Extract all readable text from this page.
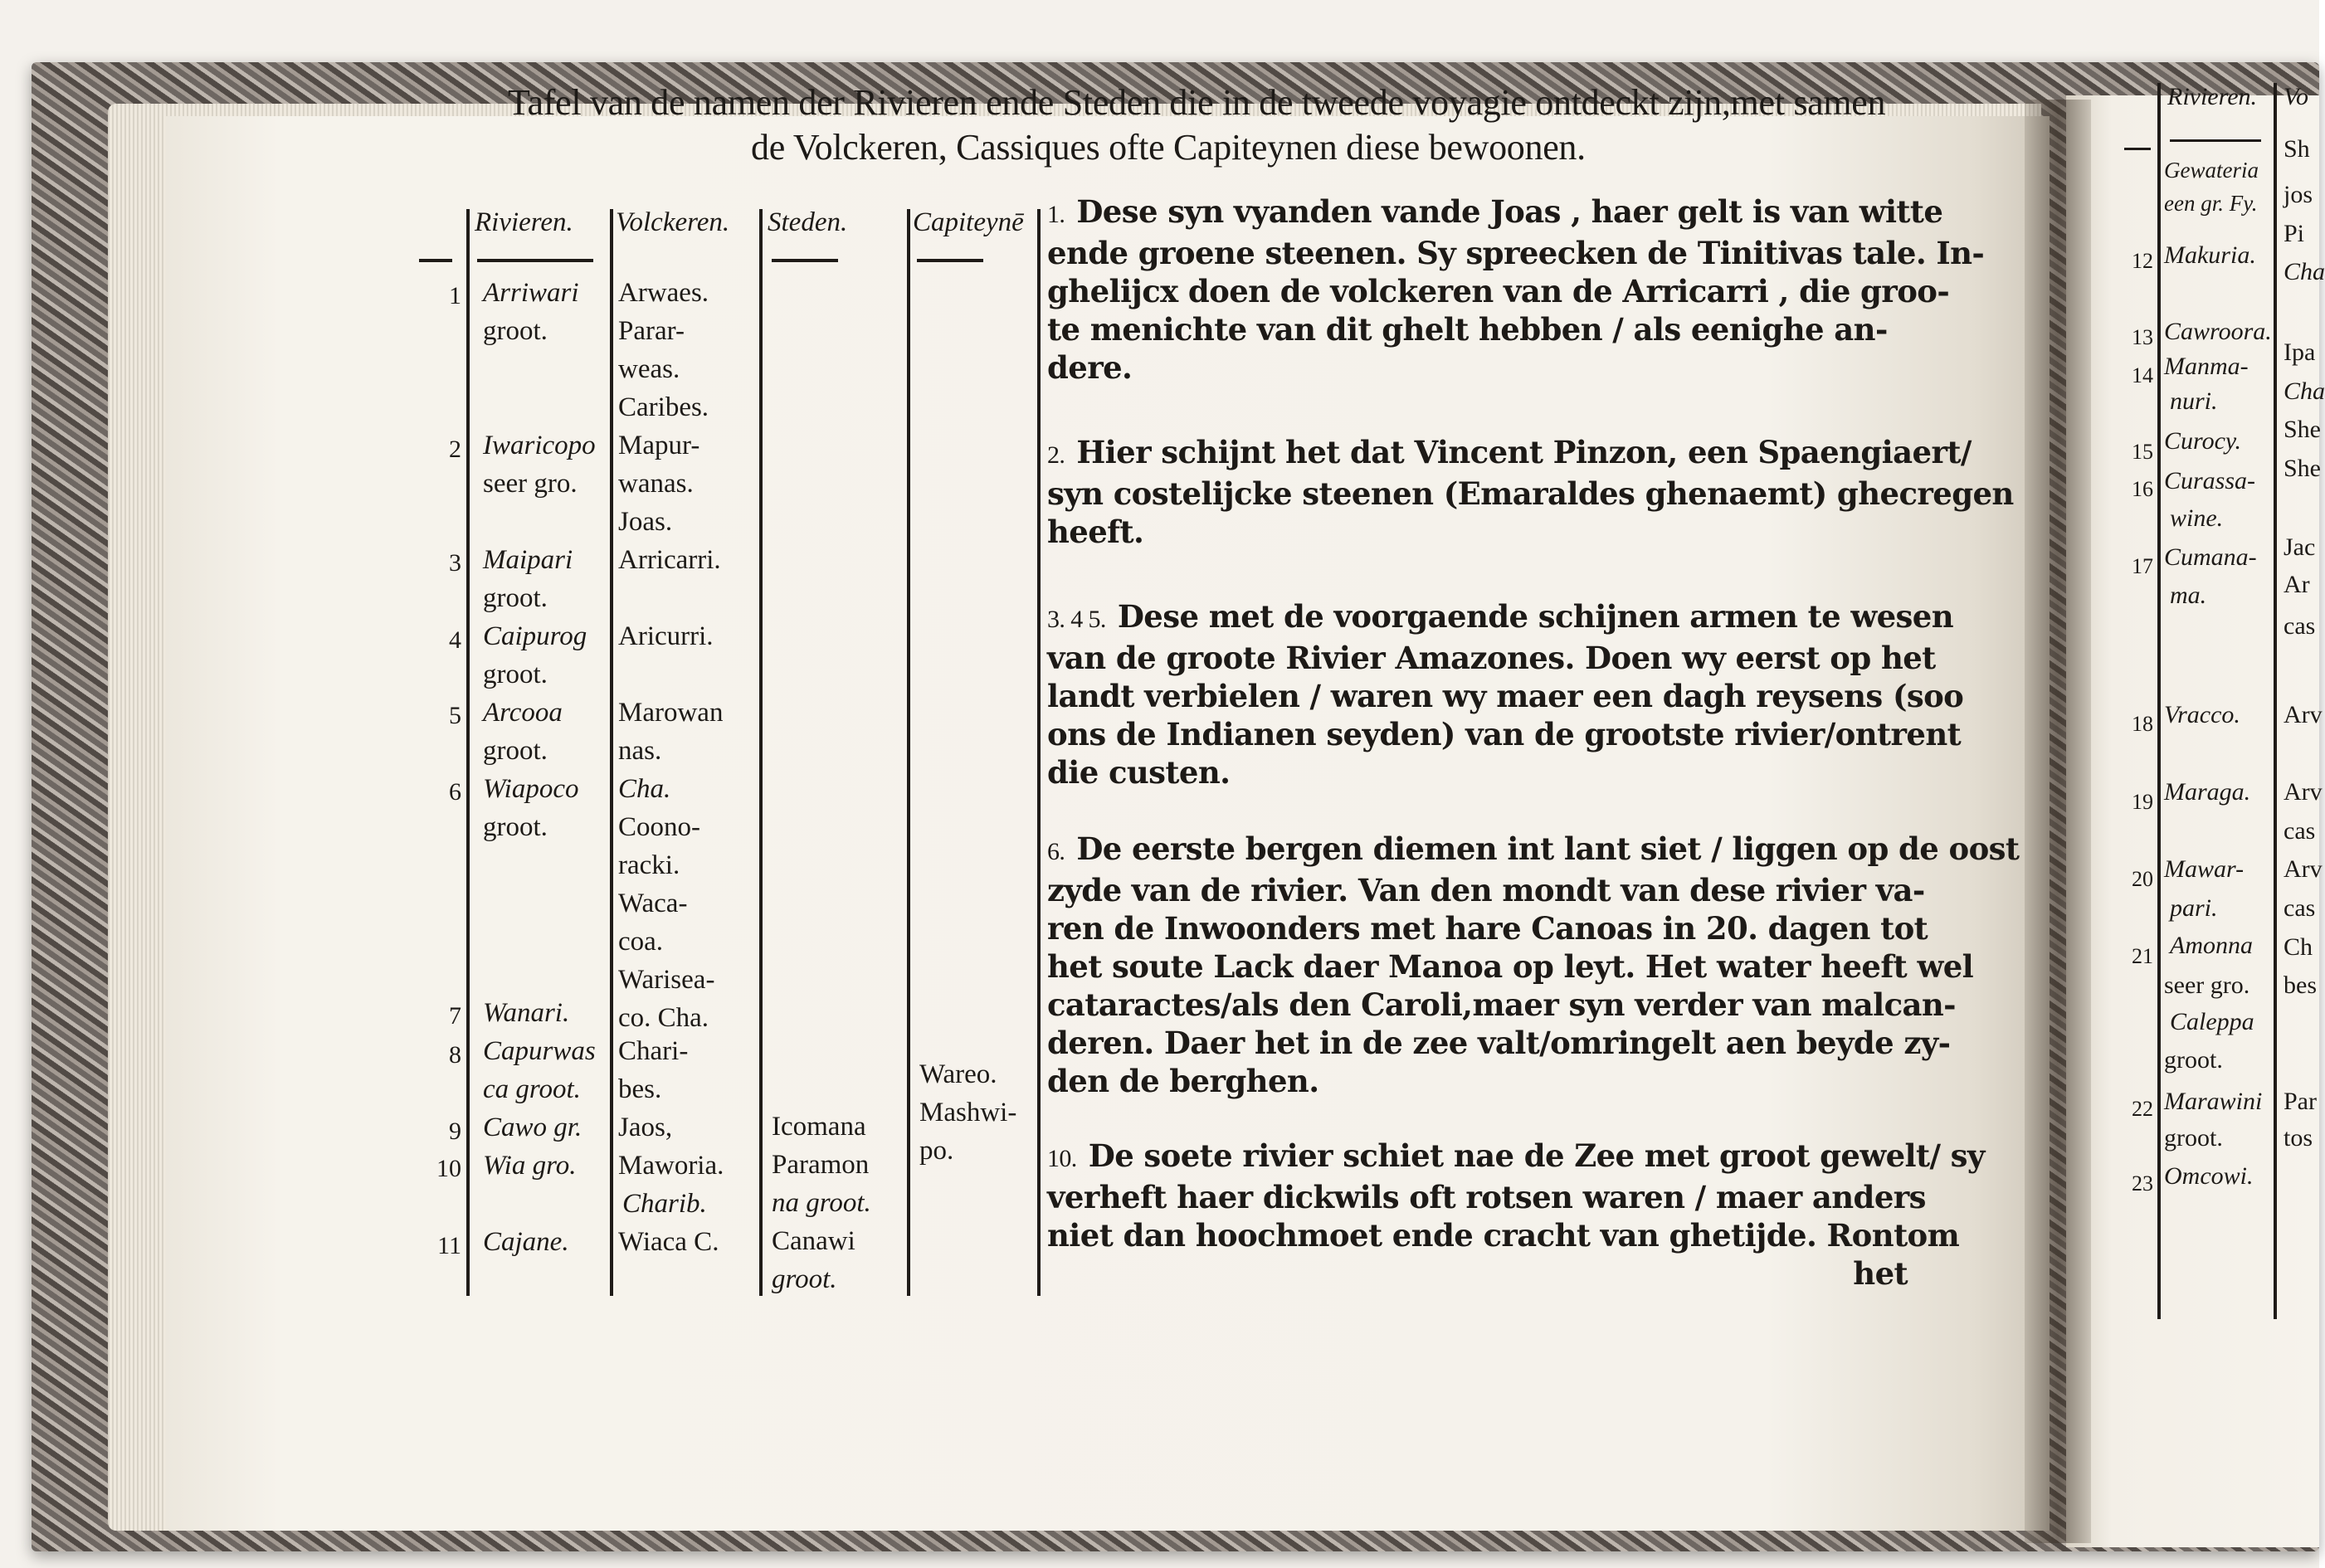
Tafel van de namen der Rivieren ende Steden die in de tweede voyagie ontdeckt zijn,met samen
de Volckeren, Cassiques ofte Capiteynen diese bewoonen.
Rivieren. Volckeren. Steden. Capiteynē
1
2
3
4
5
6
7
8
9
10
11
Arriwari
groot.
Iwaricopo
seer gro.
Maipari
groot.
Caipurog
groot.
Arcooa
groot.
Wiapoco
groot.
Wanari.
Capurwas
ca groot.
Cawo gr.
Wia gro.
Cajane.
Arwaes.
Parar-
weas.
Caribes.
Mapur-
wanas.
Joas.
Arricarri.
Aricurri.
Marowan
nas.
Cha.
Coono-
racki.
Waca-
coa.
Warisea-
co. Cha.
Chari-
bes.
Jaos,
Maworia.
Charib.
Wiaca C.
Icomana
Paramon
na groot.
Canawi
groot.
Wareo.
Mashwi-
po.
1. Dese syn vyanden vande Joas , haer gelt is van witte
ende groene steenen. Sy spreecken de Tinitivas tale. In-
ghelijcx doen de volckeren van de Arricarri , die groo-
te menichte van dit ghelt hebben / als eenighe an-
dere.
2. Hier schijnt het dat Vincent Pinzon, een Spaengiaert/
syn costelijcke steenen (Emaraldes ghenaemt) ghecregen
heeft.
3. 4 5. Dese met de voorgaende schijnen armen te wesen
van de groote Rivier Amazones. Doen wy eerst op het
landt verbielen / waren wy maer een dagh reysens (soo
ons de Indianen seyden) van de grootste rivier/ontrent
die custen.
6. De eerste bergen diemen int lant siet / liggen op de oost
zyde van de rivier. Van den mondt van dese rivier va-
ren de Inwoonders met hare Canoas in 20. dagen tot
het soute Lack daer Manoa op leyt. Het water heeft wel
cataractes/als den Caroli,maer syn verder van malcan-
deren. Daer het in de zee valt/omringelt aen beyde zy-
den de berghen.
10. De soete rivier schiet nae de Zee met groot gewelt/ sy
verheft haer dickwils oft rotsen waren / maer anders
niet dan hoochmoet ende cracht van ghetijde. Rontom
het
Rivieren. Vo
Gewateria
een gr. Fy.
Sh
jos
12 Makuria.
Pi
Cha
13 Cawroora.
14 Manma-
nuri.
Ipa
Cha
15 Curocy. She
16 Curassa-
wine.
She
17 Cumana-
ma.
Jac
Ar
cas
18 Vracco. Arv
19 Maraga. Arv
cas
20 Mawar-
pari.
Arv
cas
21 Amonna
seer gro.
Caleppa
groot.
Ch
bes
22 Marawini
groot.
Par
tos
23 Omcowi.
